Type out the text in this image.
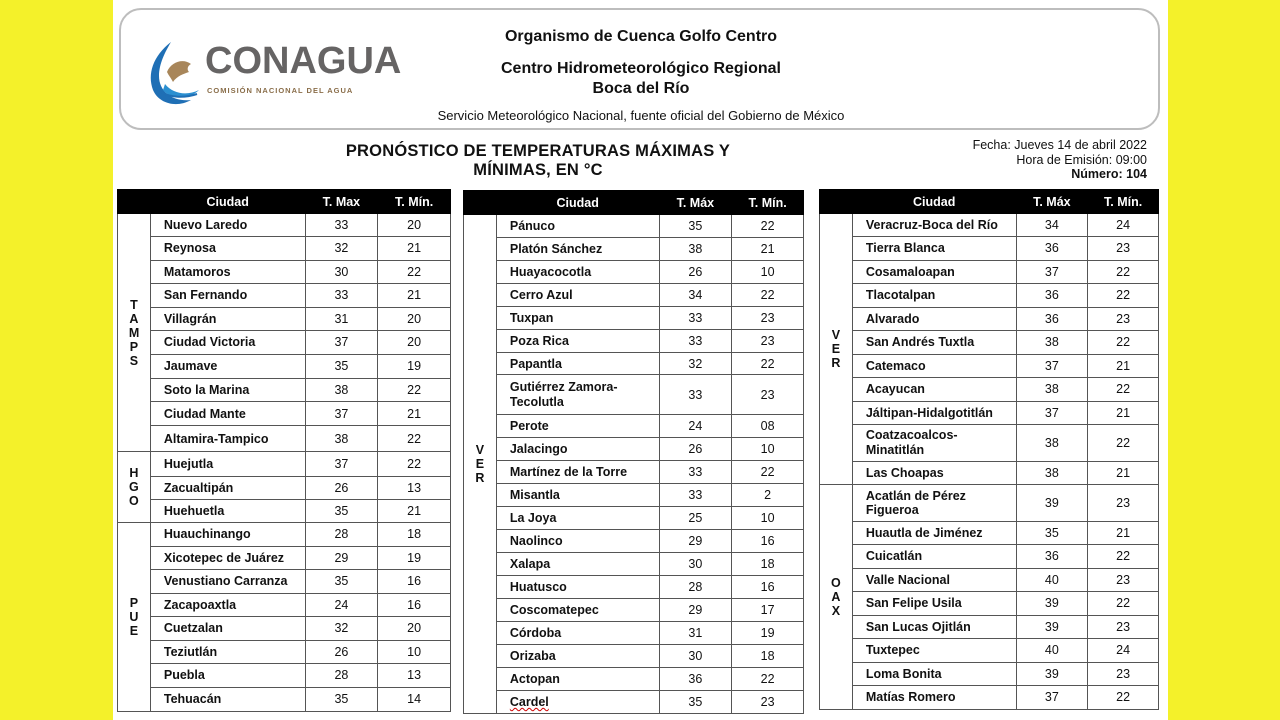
CONAGUA
COMISIÓN NACIONAL DEL AGUA
Organismo de Cuenca Golfo Centro
Centro Hidrometeorológico Regional
Boca del Río
Servicio Meteorológico Nacional, fuente oficial del Gobierno de México
PRONÓSTICO DE TEMPERATURAS MÁXIMAS Y MÍNIMAS, EN °C
Fecha: Jueves 14 de abril 2022
Hora de Emisión: 09:00
Número: 104
	Ciudad	T. Max	T. Mín.
TAMPS	Nuevo Laredo	33	20
	Reynosa	32	21
	Matamoros	30	22
	San Fernando	33	21
	Villagrán	31	20
	Ciudad Victoria	37	20
	Jaumave	35	19
	Soto la Marina	38	22
	Ciudad Mante	37	21
	Altamira-Tampico	38	22
HGO	Huejutla	37	22
	Zacualtipán	26	13
	Huehuetla	35	21
PUE	Huauchinango	28	18
	Xicotepec de Juárez	29	19
	Venustiano Carranza	35	16
	Zacapoaxtla	24	16
	Cuetzalan	32	20
	Teziutlán	26	10
	Puebla	28	13
	Tehuacán	35	14
	Ciudad	T. Máx	T. Mín.
VER	Pánuco	35	22
	Platón Sánchez	38	21
	Huayacocotla	26	10
	Cerro Azul	34	22
	Tuxpan	33	23
	Poza Rica	33	23
	Papantla	32	22
	Gutiérrez Zamora-Tecolutla	33	23
	Perote	24	08
	Jalacingo	26	10
	Martínez de la Torre	33	22
	Misantla	33	2
	La Joya	25	10
	Naolinco	29	16
	Xalapa	30	18
	Huatusco	28	16
	Coscomatepec	29	17
	Córdoba	31	19
	Orizaba	30	18
	Actopan	36	22
	Cardel	35	23
	Ciudad	T. Máx	T. Mín.
VER	Veracruz-Boca del Río	34	24
	Tierra Blanca	36	23
	Cosamaloapan	37	22
	Tlacotalpan	36	22
	Alvarado	36	23
	San Andrés Tuxtla	38	22
	Catemaco	37	21
	Acayucan	38	22
	Jáltipan-Hidalgotitlán	37	21
	Coatzacoalcos-Minatitlán	38	22
	Las Choapas	38	21
OAX	Acatlán de Pérez Figueroa	39	23
	Huautla de Jiménez	35	21
	Cuicatlán	36	22
	Valle Nacional	40	23
	San Felipe Usila	39	22
	San Lucas Ojitlán	39	23
	Tuxtepec	40	24
	Loma Bonita	39	23
	Matías Romero	37	22
